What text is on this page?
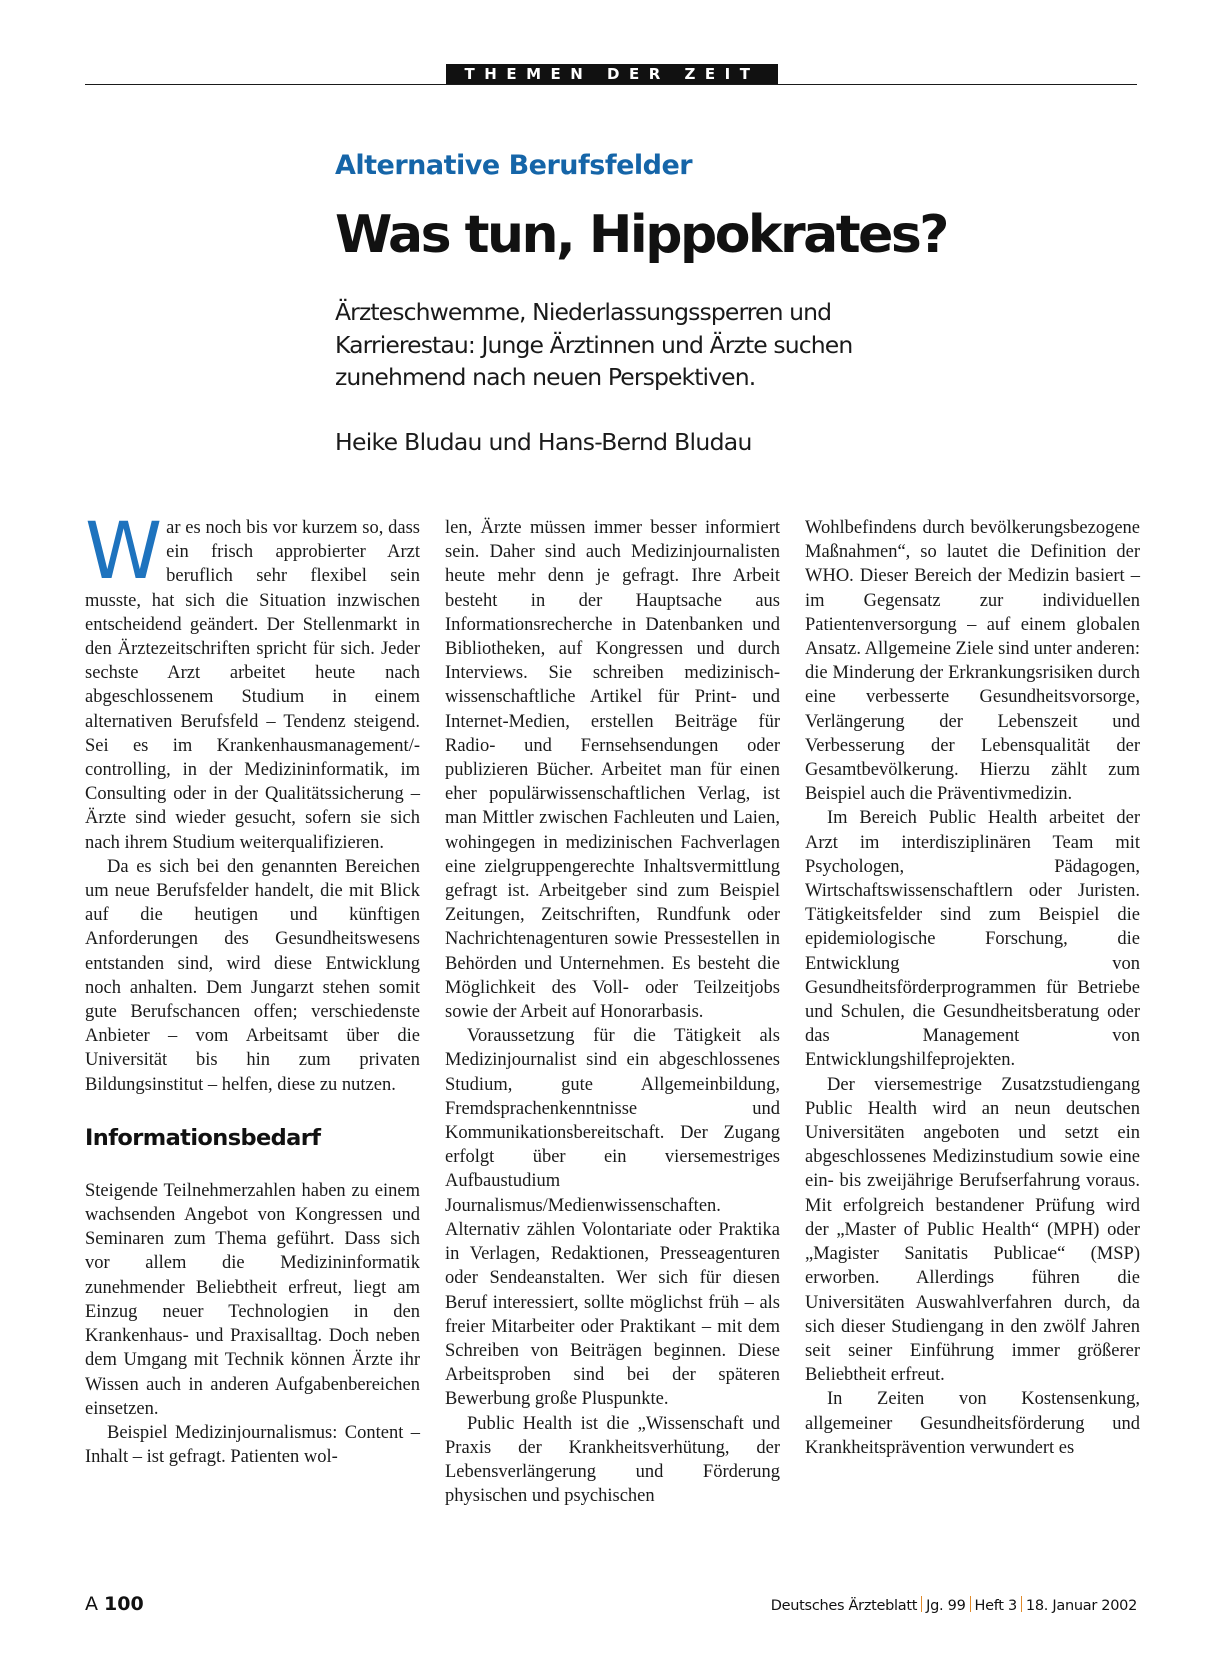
THEMEN DER ZEIT
Alternative Berufsfelder
Was tun, Hippokrates?
Ärzteschwemme, Niederlassungssperren und
Karrierestau: Junge Ärztinnen und Ärzte suchen
zunehmend nach neuen Perspektiven.
Heike Bludau und Hans-Bernd Bludau

War es noch bis vor kurzem so, dass ein frisch approbierter Arzt beruflich sehr flexibel sein musste, hat sich die Situation inzwischen entscheidend geändert. Der Stellenmarkt in den Ärztezeitschriften spricht für sich. Jeder sechste Arzt arbeitet heute nach abgeschlossenem Studium in einem alternativen Berufsfeld – Tendenz steigend. Sei es im Krankenhausmanagement/-controlling, in der Medizininformatik, im Consulting oder in der Qualitätssicherung – Ärzte sind wieder gesucht, sofern sie sich nach ihrem Studium weiterqualifizieren.

Da es sich bei den genannten Bereichen um neue Berufsfelder handelt, die mit Blick auf die heutigen und künftigen Anforderungen des Gesundheitswesens entstanden sind, wird diese Entwicklung noch anhalten. Dem Jungarzt stehen somit gute Berufschancen offen; verschiedenste Anbieter – vom Arbeitsamt über die Universität bis hin zum privaten Bildungsinstitut – helfen, diese zu nutzen.

Informationsbedarf

Steigende Teilnehmerzahlen haben zu einem wachsenden Angebot von Kongressen und Seminaren zum Thema geführt. Dass sich vor allem die Medizininformatik zunehmender Beliebtheit erfreut, liegt am Einzug neuer Technologien in den Krankenhaus- und Praxisalltag. Doch neben dem Umgang mit Technik können Ärzte ihr Wissen auch in anderen Aufgabenbereichen einsetzen.

Beispiel Medizinjournalismus: Content – Inhalt – ist gefragt. Patienten wol-

len, Ärzte müssen immer besser informiert sein. Daher sind auch Medizinjournalisten heute mehr denn je gefragt. Ihre Arbeit besteht in der Hauptsache aus Informationsrecherche in Datenbanken und Bibliotheken, auf Kongressen und durch Interviews. Sie schreiben medizinisch-wissenschaftliche Artikel für Print- und Internet-Medien, erstellen Beiträge für Radio- und Fernsehsendungen oder publizieren Bücher. Arbeitet man für einen eher populärwissenschaftlichen Verlag, ist man Mittler zwischen Fachleuten und Laien, wohingegen in medizinischen Fachverlagen eine zielgruppengerechte Inhaltsvermittlung gefragt ist. Arbeitgeber sind zum Beispiel Zeitungen, Zeitschriften, Rundfunk oder Nachrichtenagenturen sowie Pressestellen in Behörden und Unternehmen. Es besteht die Möglichkeit des Voll- oder Teilzeitjobs sowie der Arbeit auf Honorarbasis.

Voraussetzung für die Tätigkeit als Medizinjournalist sind ein abgeschlossenes Studium, gute Allgemeinbildung, Fremdsprachenkenntnisse und Kommunikationsbereitschaft. Der Zugang erfolgt über ein viersemestriges Aufbaustudium Journalismus/Medienwissenschaften. Alternativ zählen Volontariate oder Praktika in Verlagen, Redaktionen, Presseagenturen oder Sendeanstalten. Wer sich für diesen Beruf interessiert, sollte möglichst früh – als freier Mitarbeiter oder Praktikant – mit dem Schreiben von Beiträgen beginnen. Diese Arbeitsproben sind bei der späteren Bewerbung große Pluspunkte.

Public Health ist die „Wissenschaft und Praxis der Krankheitsverhütung, der Lebensverlängerung und Förderung physischen und psychischen

Wohlbefindens durch bevölkerungsbezogene Maßnahmen“, so lautet die Definition der WHO. Dieser Bereich der Medizin basiert – im Gegensatz zur individuellen Patientenversorgung – auf einem globalen Ansatz. Allgemeine Ziele sind unter anderen: die Minderung der Erkrankungsrisiken durch eine verbesserte Gesundheitsvorsorge, Verlängerung der Lebenszeit und Verbesserung der Lebensqualität der Gesamtbevölkerung. Hierzu zählt zum Beispiel auch die Präventivmedizin.

Im Bereich Public Health arbeitet der Arzt im interdisziplinären Team mit Psychologen, Pädagogen, Wirtschaftswissenschaftlern oder Juristen. Tätigkeitsfelder sind zum Beispiel die epidemiologische Forschung, die Entwicklung von Gesundheitsförderprogrammen für Betriebe und Schulen, die Gesundheitsberatung oder das Management von Entwicklungshilfeprojekten.

Der viersemestrige Zusatzstudiengang Public Health wird an neun deutschen Universitäten angeboten und setzt ein abgeschlossenes Medizinstudium sowie eine ein- bis zweijährige Berufserfahrung voraus. Mit erfolgreich bestandener Prüfung wird der „Master of Public Health“ (MPH) oder „Magister Sanitatis Publicae“ (MSP) erworben. Allerdings führen die Universitäten Auswahlverfahren durch, da sich dieser Studiengang in den zwölf Jahren seit seiner Einführung immer größerer Beliebtheit erfreut.

In Zeiten von Kostensenkung, allgemeiner Gesundheitsförderung und Krankheitsprävention verwundert es

A 100	Deutsches Ärzteblatt Jg. 99 Heft 3 18. Januar 2002
